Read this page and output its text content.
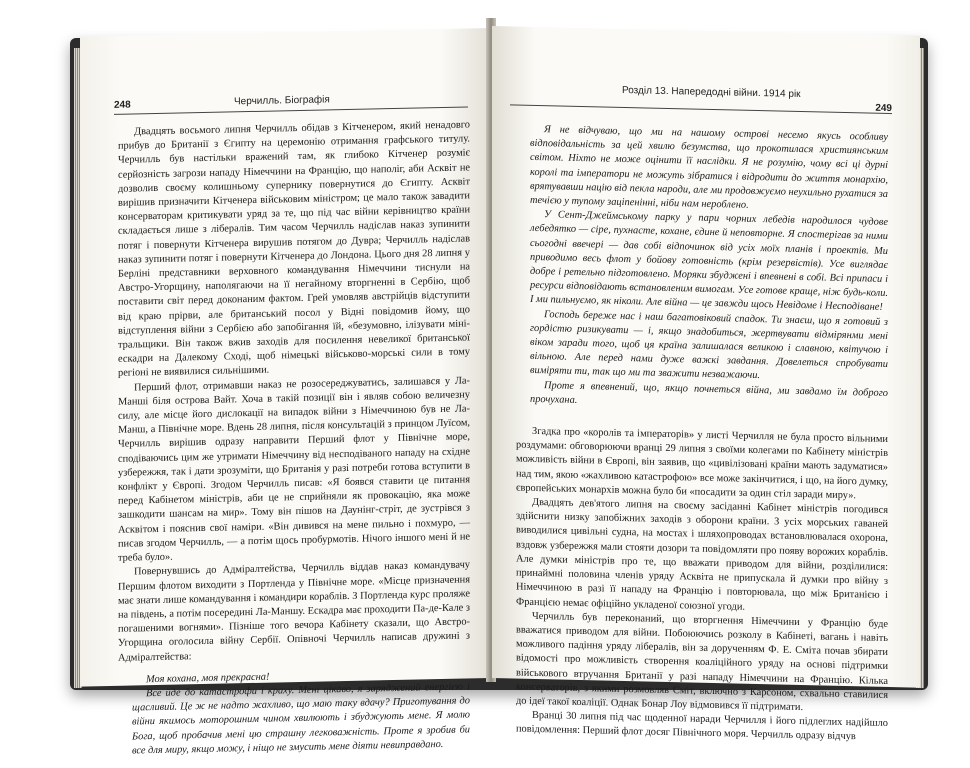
248	Черчилль. Біографія

Двадцять восьмого липня Черчилль обідав з Кітченером, який ненадовго прибув до Британії з Єгипту на церемонію отримання графського титулу. Черчилль був настільки вражений там, як глибоко Кітченер розуміє серйозність загрози нападу Німеччини на Францію, що наполіг, аби Асквіт не дозволив своєму колишньому супернику повернутися до Єгипту. Асквіт вирішив призначити Кітченера військовим міністром; це мало також завадити консерваторам критикувати уряд за те, що під час війни керівництво країни складається лише з лібералів. Тим часом Черчилль надіслав наказ зупинити потяг і повернути Кітченера вирушив потягом до Дувра; Черчилль надіслав наказ зупинити потяг і повернути Кітченера до Лондона. Цього дня 28 липня у Берліні представники верховного командування Німеччини тиснули на Австро-Угорщину, наполягаючи на її негайному вторгненні в Сербію, щоб поставити світ перед доконаним фактом. Грей умовляв австрійців відступити від краю прірви, але британський посол у Відні повідомив йому, що відступлення війни з Сербією або запобігання їй, «безумовно, ілізувати міні-тральщики. Він також вжив заходів для посилення невеликої британської ескадри на Далекому Сході, щоб німецькі військово-морські сили в тому регіоні не виявилися сильнішими.

Перший флот, отримавши наказ не розосереджуватись, залишався у Ла-Манші біля острова Вайт. Хоча в такій позиції він і являв собою величезну силу, але місце його дислокації на випадок війни з Німеччиною був не Ла-Манш, а Північне море. Вдень 28 липня, після консультацій з принцом Луїсом, Черчилль вирішив одразу направити Перший флот у Північне море, сподіваючись цим же утримати Німеччину від несподіваного нападу на східне узбережжя, так і дати зрозуміти, що Британія у разі потреби готова вступити в конфлікт у Європі. Згодом Черчилль писав: «Я боявся ставити це питання перед Кабінетом міністрів, аби це не сприйняли як провокацію, яка може зашкодити шансам на мир». Тому він пішов на Даунінг-стріт, де зустрівся з Асквітом і пояснив свої наміри. «Він дивився на мене пильно і похмуро, — писав згодом Черчилль, — а потім щось пробурмотів. Нічого іншого мені й не треба було».

Повернувшись до Адміралтейства, Черчилль віддав наказ командувачу Першим флотом виходити з Портленда у Північне море. «Місце призначення має знати лише командування і командири кораблів. З Портленда курс проляже на південь, а потім посередині Ла-Маншу. Ескадра має проходити Па-де-Кале з погашеними вогнями». Пізніше того вечора Кабінету сказали, що Австро-Угорщина оголосила війну Сербії. Опівночі Черчилль написав дружині з Адміралтейства:

Моя кохана, моя прекрасна!

Все йде до катастрофи і краху. Мені цікаво, я заряджений енергією і щасливий. Це ж не надто жахливо, що маю таку вдачу? Приготування до війни якимось моторошним чином хвилюють і збуджують мене. Я молю Бога, щоб пробачив мені цю страшну легковажність. Проте я зробив би все для миру, якщо можу, і ніщо не змусить мене діяти невиправдано.

Розділ 13. Напередодні війни. 1914 рік
249

Я не відчуваю, що ми на нашому острові несемо якусь особливу відповідальність за цей хвилю безумства, що прокотилася християнським світом. Ніхто не може оцінити її наслідки. Я не розумію, чому всі ці дурні королі та імператори не можуть зібратися і відродити до життя монархію, врятувавши націю від пекла народи, але ми продовжуємо неухильно рухатися за течією у тупому заціпенінні, ніби нам нероблено.

У Сент-Джеймському парку у пари чорних лебедів народилося чудове лебедятко — сіре, пухнасте, кохане, єдине й неповторне. Я спостерігав за ними сьогодні ввечері — дав собі відпочинок від усіх моїх планів і проектів. Ми приводимо весь флот у бойову готовність (крім резервістів). Усе виглядає добре і ретельно підготовлено. Моряки збуджені і впевнені в собі. Всі припаси і ресурси відповідають встановленим вимогам. Усе готове краще, ніж будь-коли. І ми пильнуємо, як ніколи. Але війна — це завжди щось Невідоме і Несподіване!

Господь береже нас і наш багатовіковий спадок. Ти знаєш, що я готовий з гордістю ризикувати — і, якщо знадобиться, жертвувати відмірянми мені віком заради того, щоб ця країна залишалася великою і славною, квітучою і вільною. Але перед нами дуже важкі завдання. Довелеться спробувати виміряти ти, так що ми та зважити незважаючи.

Проте я впевнений, що, якщо почнеться війна, ми завдамо їм доброго прочухана.

Згадка про «королів та імператорів» у листі Черчилля не була просто вільними роздумами: обговорюючи вранці 29 липня з своїми колегами по Кабінету міністрів можливість війни в Європі, він заявив, що «цивілізовані країни мають задуматися» над тим, якою «жахливою катастрофою» все може закінчитися, і що, на його думку, європейських монархів можна було би «посадити за один стіл заради миру».

Двадцять дев'ятого липня на своєму засіданні Кабінет міністрів погодився здійснити низку запобіжних заходів з оборони країни. З усіх морських гаваней виводилися цивільні судна, на мостах і шляхопроводах встановлювалася охорона, вздовж узбережжя мали стояти дозори та повідомляти про появу ворожих кораблів. Але думки міністрів про те, що вважати приводом для війни, розділилися: принаймні половина членів уряду Асквіта не припускала й думки про війну з Німеччиною в разі її нападу на Францію і повторювала, що між Британією і Францією немає офіційно укладеної союзної угоди.

Черчилль був переконаний, що вторгнення Німеччини у Францію буде вважатися приводом для війни. Побоюючись розколу в Кабінеті, вагань і навіть можливого падіння уряду лібералів, він за дорученням Ф. Е. Сміта почав збирати відомості про можливість створення коаліційного уряду на основі підтримки військового втручання Британії у разі нападу Німеччини на Францію. Кілька консерваторів, з якими розмовляв Сміт, включно з Карсоном, схвально ставилися до ідеї такої коаліції. Однак Бонар Лоу відмовився її підтримати.

Вранці 30 липня під час щоденної наради Черчилля і його підлеглих надійшло повідомлення: Перший флот досяг Північного моря. Черчилль одразу відчув
